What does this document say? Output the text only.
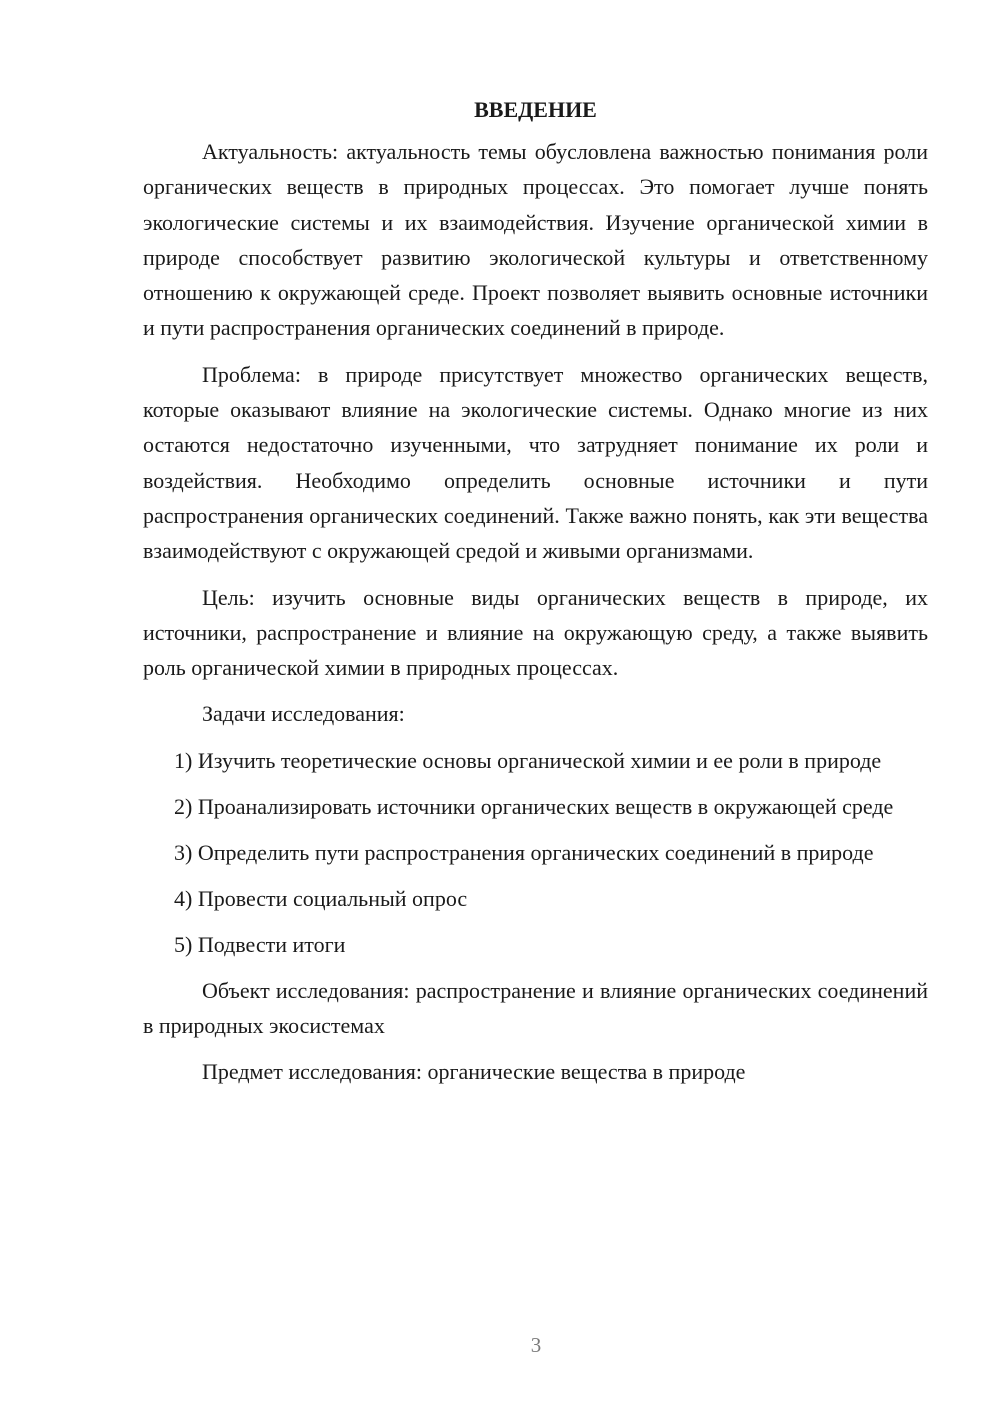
ВВЕДЕНИЕ

Актуальность: актуальность темы обусловлена важностью понимания роли органических веществ в природных процессах. Это помогает лучше понять экологические системы и их взаимодействия. Изучение органической химии в природе способствует развитию экологической культуры и ответственному отношению к окружающей среде. Проект позволяет выявить основные источники и пути распространения органических соединений в природе.

Проблема: в природе присутствует множество органических веществ, которые оказывают влияние на экологические системы. Однако многие из них остаются недостаточно изученными, что затрудняет понимание их роли и воздействия. Необходимо определить основные источники и пути распространения органических соединений. Также важно понять, как эти вещества взаимодействуют с окружающей средой и живыми организмами.

Цель: изучить основные виды органических веществ в природе, их источники, распространение и влияние на окружающую среду, а также выявить роль органической химии в природных процессах.

Задачи исследования:

1) Изучить теоретические основы органической химии и ее роли в природе

2) Проанализировать источники органических веществ в окружающей среде

3) Определить пути распространения органических соединений в природе

4) Провести социальный опрос

5) Подвести итоги

Объект исследования: распространение и влияние органических соединений в природных экосистемах

Предмет исследования: органические вещества в природе

3
